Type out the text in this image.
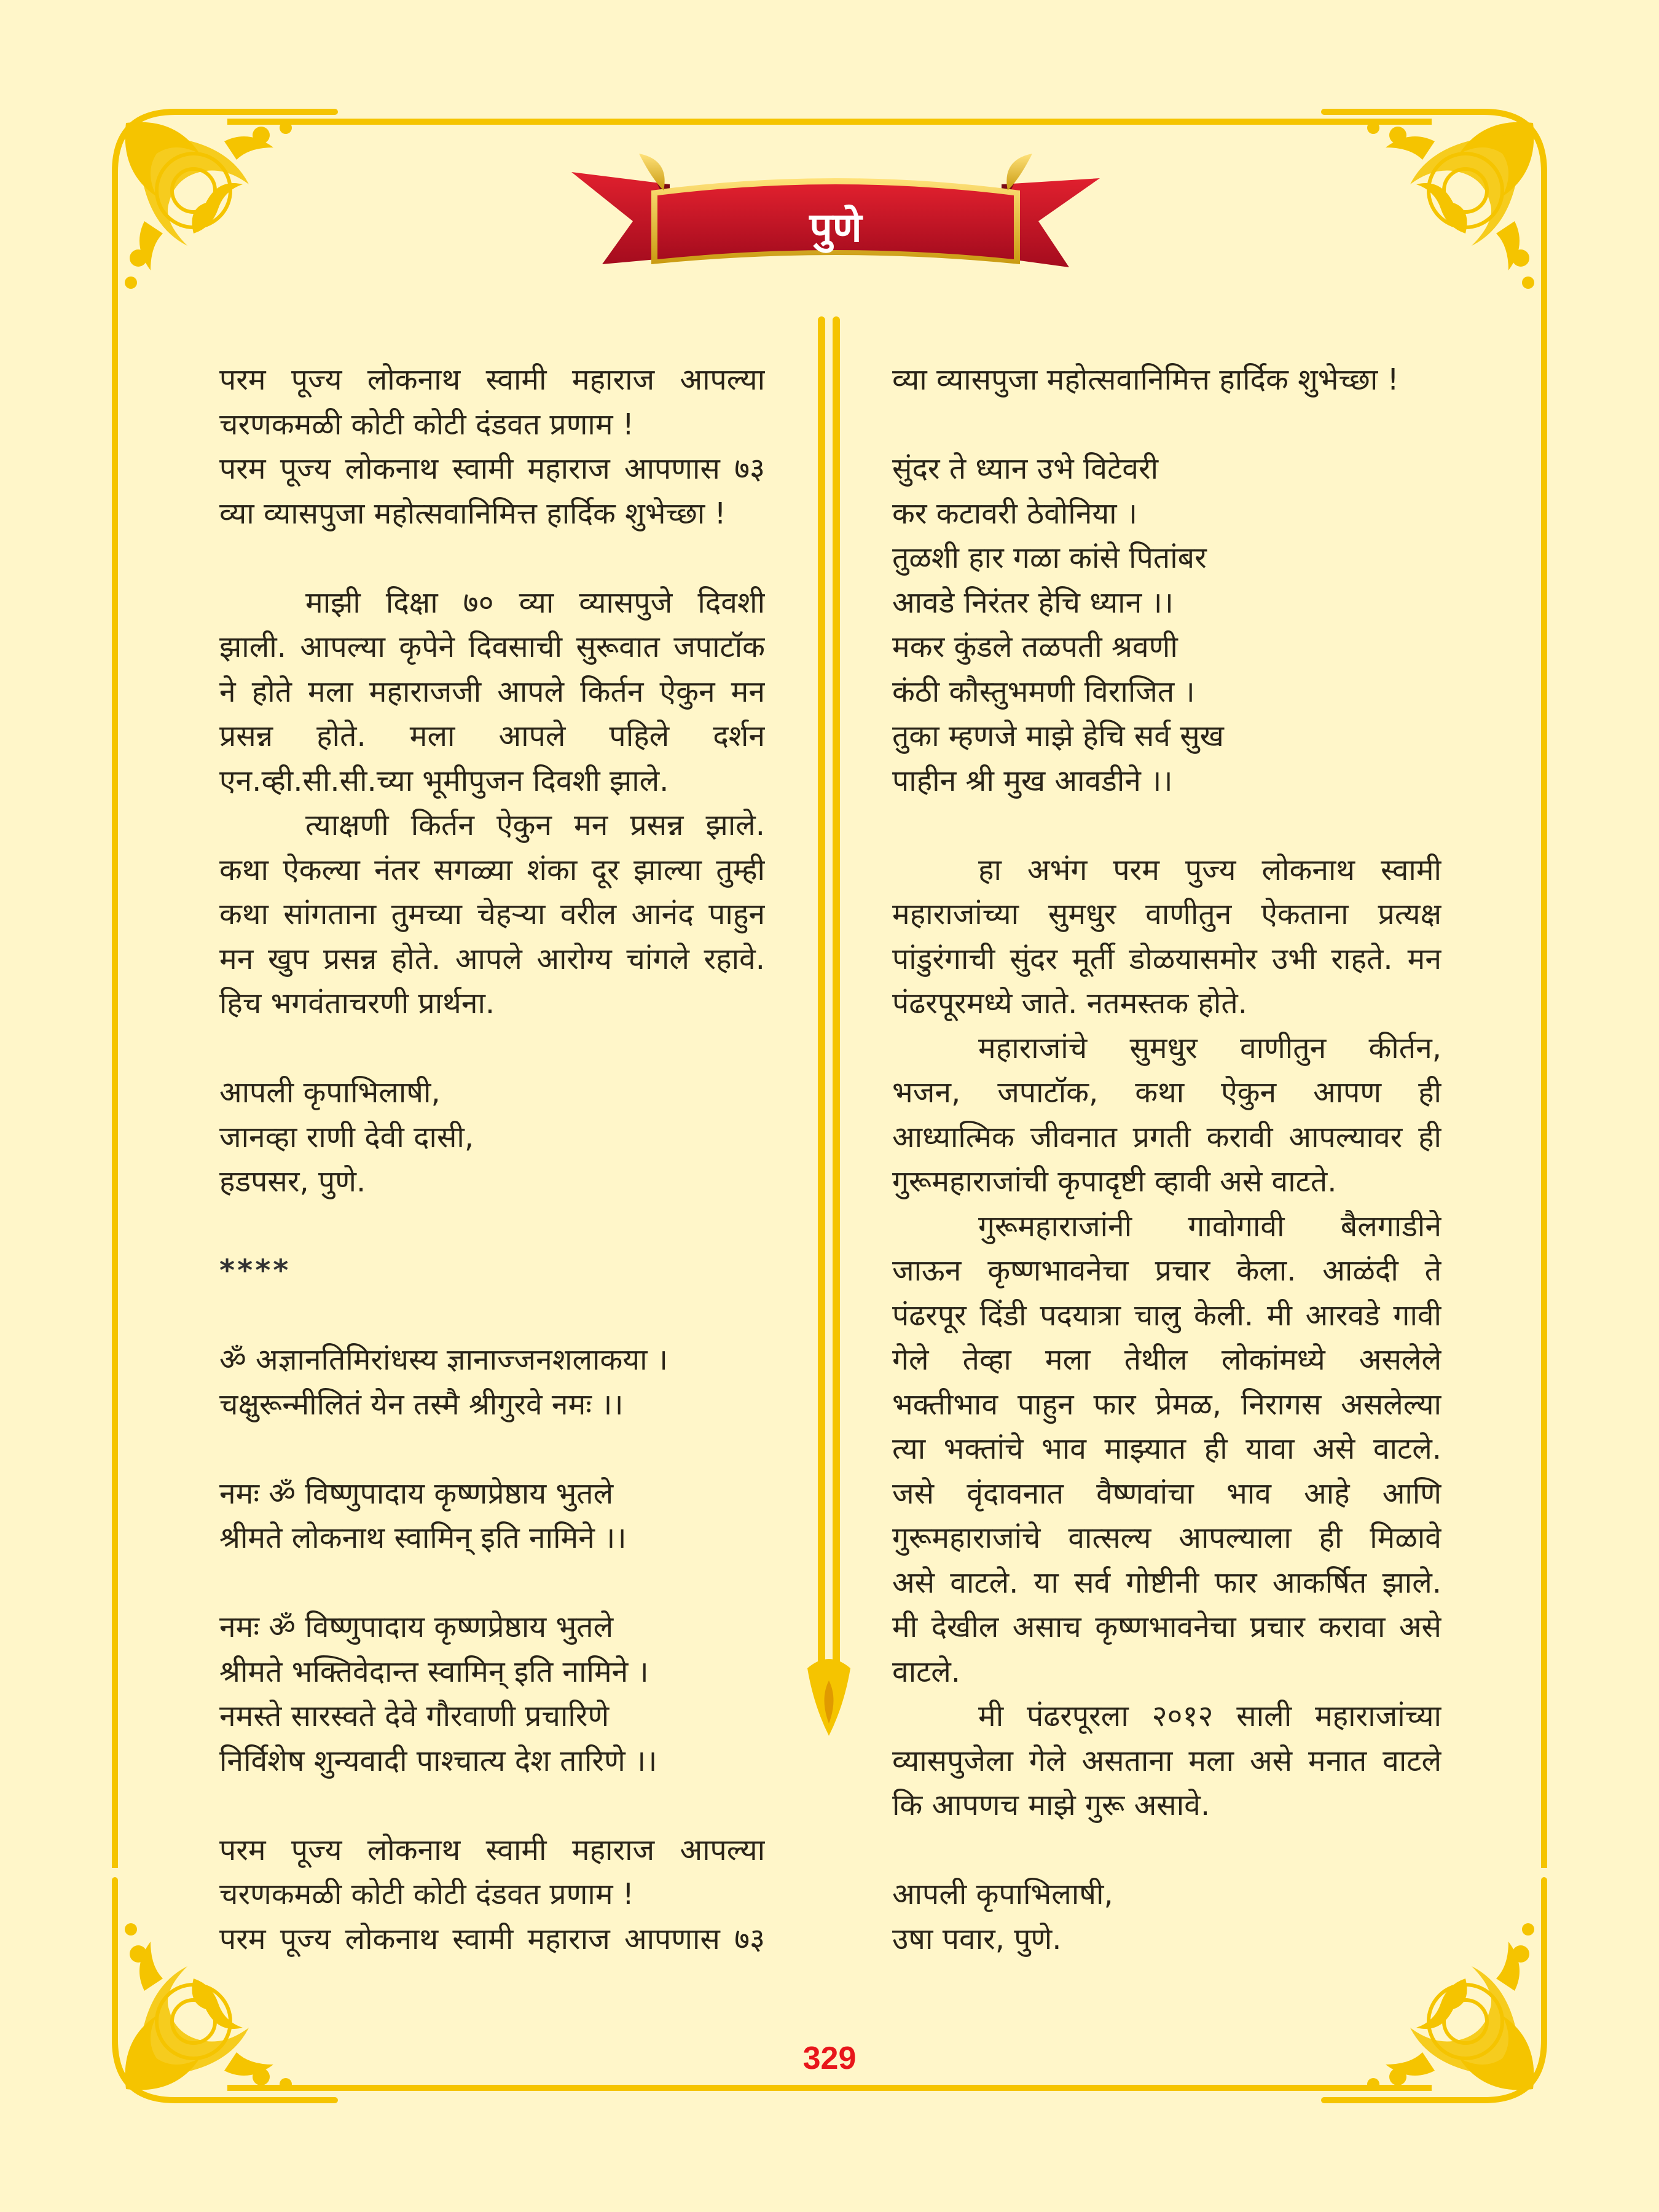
पुणे
परम पूज्य लोकनाथ स्वामी महाराज आपल्या
चरणकमळी कोटी कोटी दंडवत प्रणाम !
परम पूज्य लोकनाथ स्वामी महाराज आपणास ७३
व्या व्यासपुजा महोत्सवानिमित्त हार्दिक शुभेच्छा !
माझी दिक्षा ७० व्या व्यासपुजे दिवशी
झाली. आपल्या कृपेने दिवसाची सुरूवात जपाटॉक
ने होते मला महाराजजी आपले किर्तन ऐकुन मन
प्रसन्न होते. मला आपले पहिले दर्शन
एन.व्ही.सी.सी.च्या भूमीपुजन दिवशी झाले.
त्याक्षणी किर्तन ऐकुन मन प्रसन्न झाले.
कथा ऐकल्या नंतर सगळ्या शंका दूर झाल्या तुम्ही
कथा सांगताना तुमच्या चेहऱ्या वरील आनंद पाहुन
मन खुप प्रसन्न होते. आपले आरोग्य चांगले रहावे.
हिच भगवंताचरणी प्रार्थना.
आपली कृपाभिलाषी,
जानव्हा राणी देवी दासी,
हडपसर, पुणे.
****
ॐ अज्ञानतिमिरांधस्य ज्ञानाज्जनशलाकया ।
चक्षुरून्मीलितं येन तस्मै श्रीगुरवे नमः ।।
नमः ॐ विष्णुपादाय कृष्णप्रेष्ठाय भुतले
श्रीमते लोकनाथ स्वामिन् इति नामिने ।।
नमः ॐ विष्णुपादाय कृष्णप्रेष्ठाय भुतले
श्रीमते भक्तिवेदान्त स्वामिन् इति नामिने ।
नमस्ते सारस्वते देवे गौरवाणी प्रचारिणे
निर्विशेष शुन्यवादी पाश्चात्य देश तारिणे ।।
परम पूज्य लोकनाथ स्वामी महाराज आपल्या
चरणकमळी कोटी कोटी दंडवत प्रणाम !
परम पूज्य लोकनाथ स्वामी महाराज आपणास ७३
व्या व्यासपुजा महोत्सवानिमित्त हार्दिक शुभेच्छा !
सुंदर ते ध्यान उभे विटेवरी
कर कटावरी ठेवोनिया ।
तुळशी हार गळा कांसे पितांबर
आवडे निरंतर हेचि ध्यान ।।
मकर कुंडले तळपती श्रवणी
कंठी कौस्तुभमणी विराजित ।
तुका म्हणजे माझे हेचि सर्व सुख
पाहीन श्री मुख आवडीने ।।
हा अभंग परम पुज्य लोकनाथ स्वामी
महाराजांच्या सुमधुर वाणीतुन ऐकताना प्रत्यक्ष
पांडुरंगाची सुंदर मूर्ती डोळयासमोर उभी राहते. मन
पंढरपूरमध्ये जाते. नतमस्तक होते.
महाराजांचे सुमधुर वाणीतुन कीर्तन,
भजन, जपाटॉक, कथा ऐकुन आपण ही
आध्यात्मिक जीवनात प्रगती करावी आपल्यावर ही
गुरूमहाराजांची कृपादृष्टी व्हावी असे वाटते.
गुरूमहाराजांनी गावोगावी बैलगाडीने
जाऊन कृष्णभावनेचा प्रचार केला. आळंदी ते
पंढरपूर दिंडी पदयात्रा चालु केली. मी आरवडे गावी
गेले तेव्हा मला तेथील लोकांमध्ये असलेले
भक्तीभाव पाहुन फार प्रेमळ, निरागस असलेल्या
त्या भक्तांचे भाव माझ्यात ही यावा असे वाटले.
जसे वृंदावनात वैष्णवांचा भाव आहे आणि
गुरूमहाराजांचे वात्सल्य आपल्याला ही मिळावे
असे वाटले. या सर्व गोष्टीनी फार आकर्षित झाले.
मी देखील असाच कृष्णभावनेचा प्रचार करावा असे
वाटले.
मी पंढरपूरला २०१२ साली महाराजांच्या
व्यासपुजेला गेले असताना मला असे मनात वाटले
कि आपणच माझे गुरू असावे.
आपली कृपाभिलाषी,
उषा पवार, पुणे.
329
